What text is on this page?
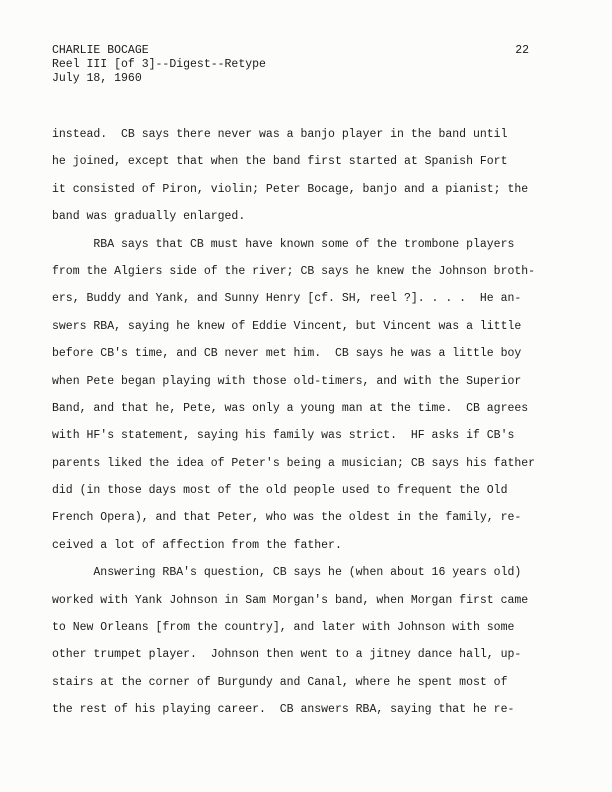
CHARLIE BOCAGE
Reel III [of 3]--Digest--Retype
July 18, 1960
22
instead.  CB says there never was a banjo player in the band until
he joined, except that when the band first started at Spanish Fort
it consisted of Piron, violin; Peter Bocage, banjo and a pianist; the
band was gradually enlarged.
RBA says that CB must have known some of the trombone players
from the Algiers side of the river; CB says he knew the Johnson broth-
ers, Buddy and Yank, and Sunny Henry [cf. SH, reel ?]. . . .  He an-
swers RBA, saying he knew of Eddie Vincent, but Vincent was a little
before CB's time, and CB never met him.  CB says he was a little boy
when Pete began playing with those old-timers, and with the Superior
Band, and that he, Pete, was only a young man at the time.  CB agrees
with HF's statement, saying his family was strict.  HF asks if CB's
parents liked the idea of Peter's being a musician; CB says his father
did (in those days most of the old people used to frequent the Old
French Opera), and that Peter, who was the oldest in the family, re-
ceived a lot of affection from the father.
Answering RBA's question, CB says he (when about 16 years old)
worked with Yank Johnson in Sam Morgan's band, when Morgan first came
to New Orleans [from the country], and later with Johnson with some
other trumpet player.  Johnson then went to a jitney dance hall, up-
stairs at the corner of Burgundy and Canal, where he spent most of
the rest of his playing career.  CB answers RBA, saying that he re-
